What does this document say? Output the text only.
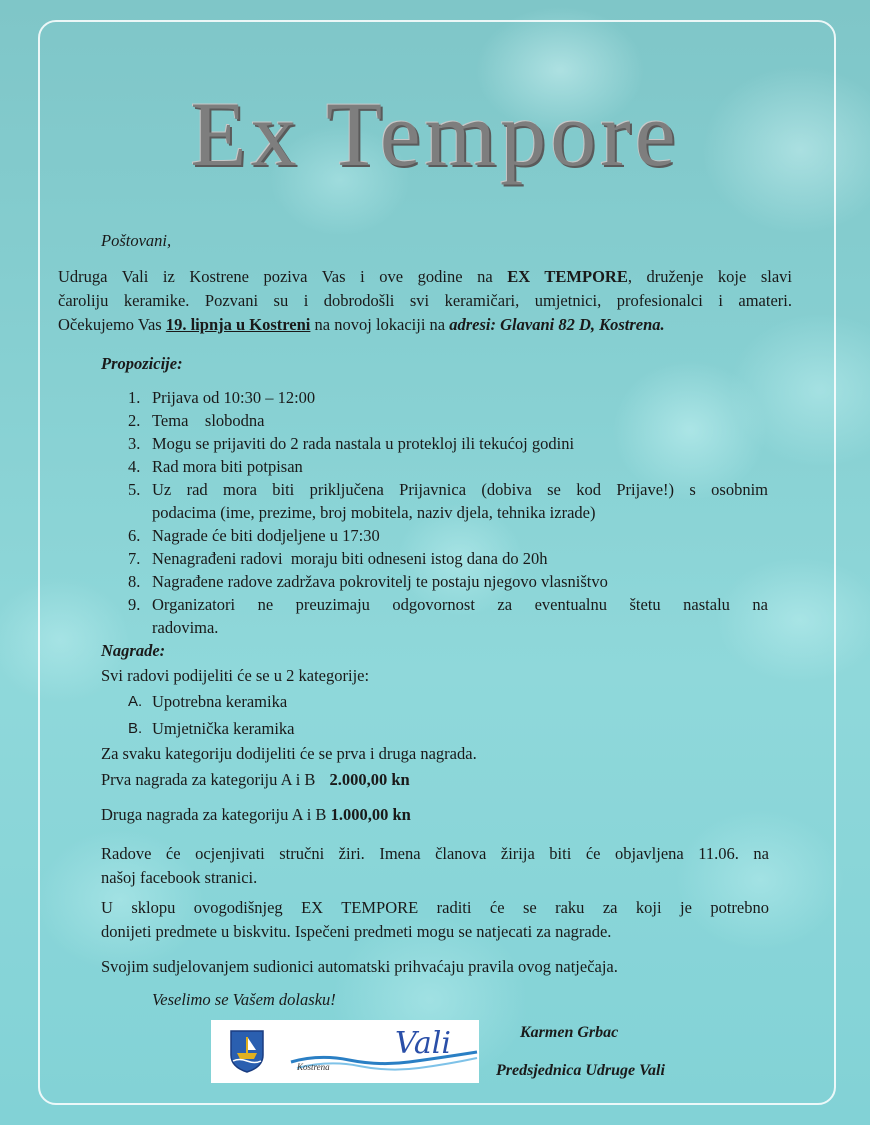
Ex Tempore
Poštovani,
Udruga Vali iz Kostrene poziva Vas i ove godine na EX TEMPORE, druženje koje slavi
čaroliju keramike. Pozvani su i dobrodošli svi keramičari, umjetnici, profesionalci i amateri.
Očekujemo Vas 19. lipnja u Kostreni na novoj lokaciji na adresi: Glavani 82 D, Kostrena.
Propozicije:
1. Prijava od 10:30 – 12:00
2. Tema    slobodna
3. Mogu se prijaviti do 2 rada nastala u protekloj ili tekućoj godini
4. Rad mora biti potpisan
5. Uz rad mora biti priključena Prijavnica (dobiva se kod Prijave!) s osobnim
podacima (ime, prezime, broj mobitela, naziv djela, tehnika izrade)
6. Nagrade će biti dodjeljene u 17:30
7. Nenagrađeni radovi  moraju biti odneseni istog dana do 20h
8. Nagrađene radove zadržava pokrovitelj te postaju njegovo vlasništvo
9. Organizatori ne preuzimaju odgovornost za eventualnu štetu nastalu na
radovima.
Nagrade:
Svi radovi podijeliti će se u 2 kategorije:
A. Upotrebna keramika
B. Umjetnička keramika
Za svaku kategoriju dodijeliti će se prva i druga nagrada.
Prva nagrada za kategoriju A i B 2.000,00 kn
Druga nagrada za kategoriju A i B 1.000,00 kn
Radove će ocjenjivati stručni žiri. Imena članova žirija biti će objavljena 11.06. na
našoj facebook stranici.
U sklopu ovogodišnjeg EX TEMPORE raditi će se raku za koji je potrebno
donijeti predmete u biskvitu. Ispečeni predmeti mogu se natjecati za nagrade.
Svojim sudjelovanjem sudionici automatski prihvaćaju pravila ovog natječaja.
Veselimo se Vašem dolasku!
Vali
Kostrena
Karmen Grbac
Predsjednica Udruge Vali
